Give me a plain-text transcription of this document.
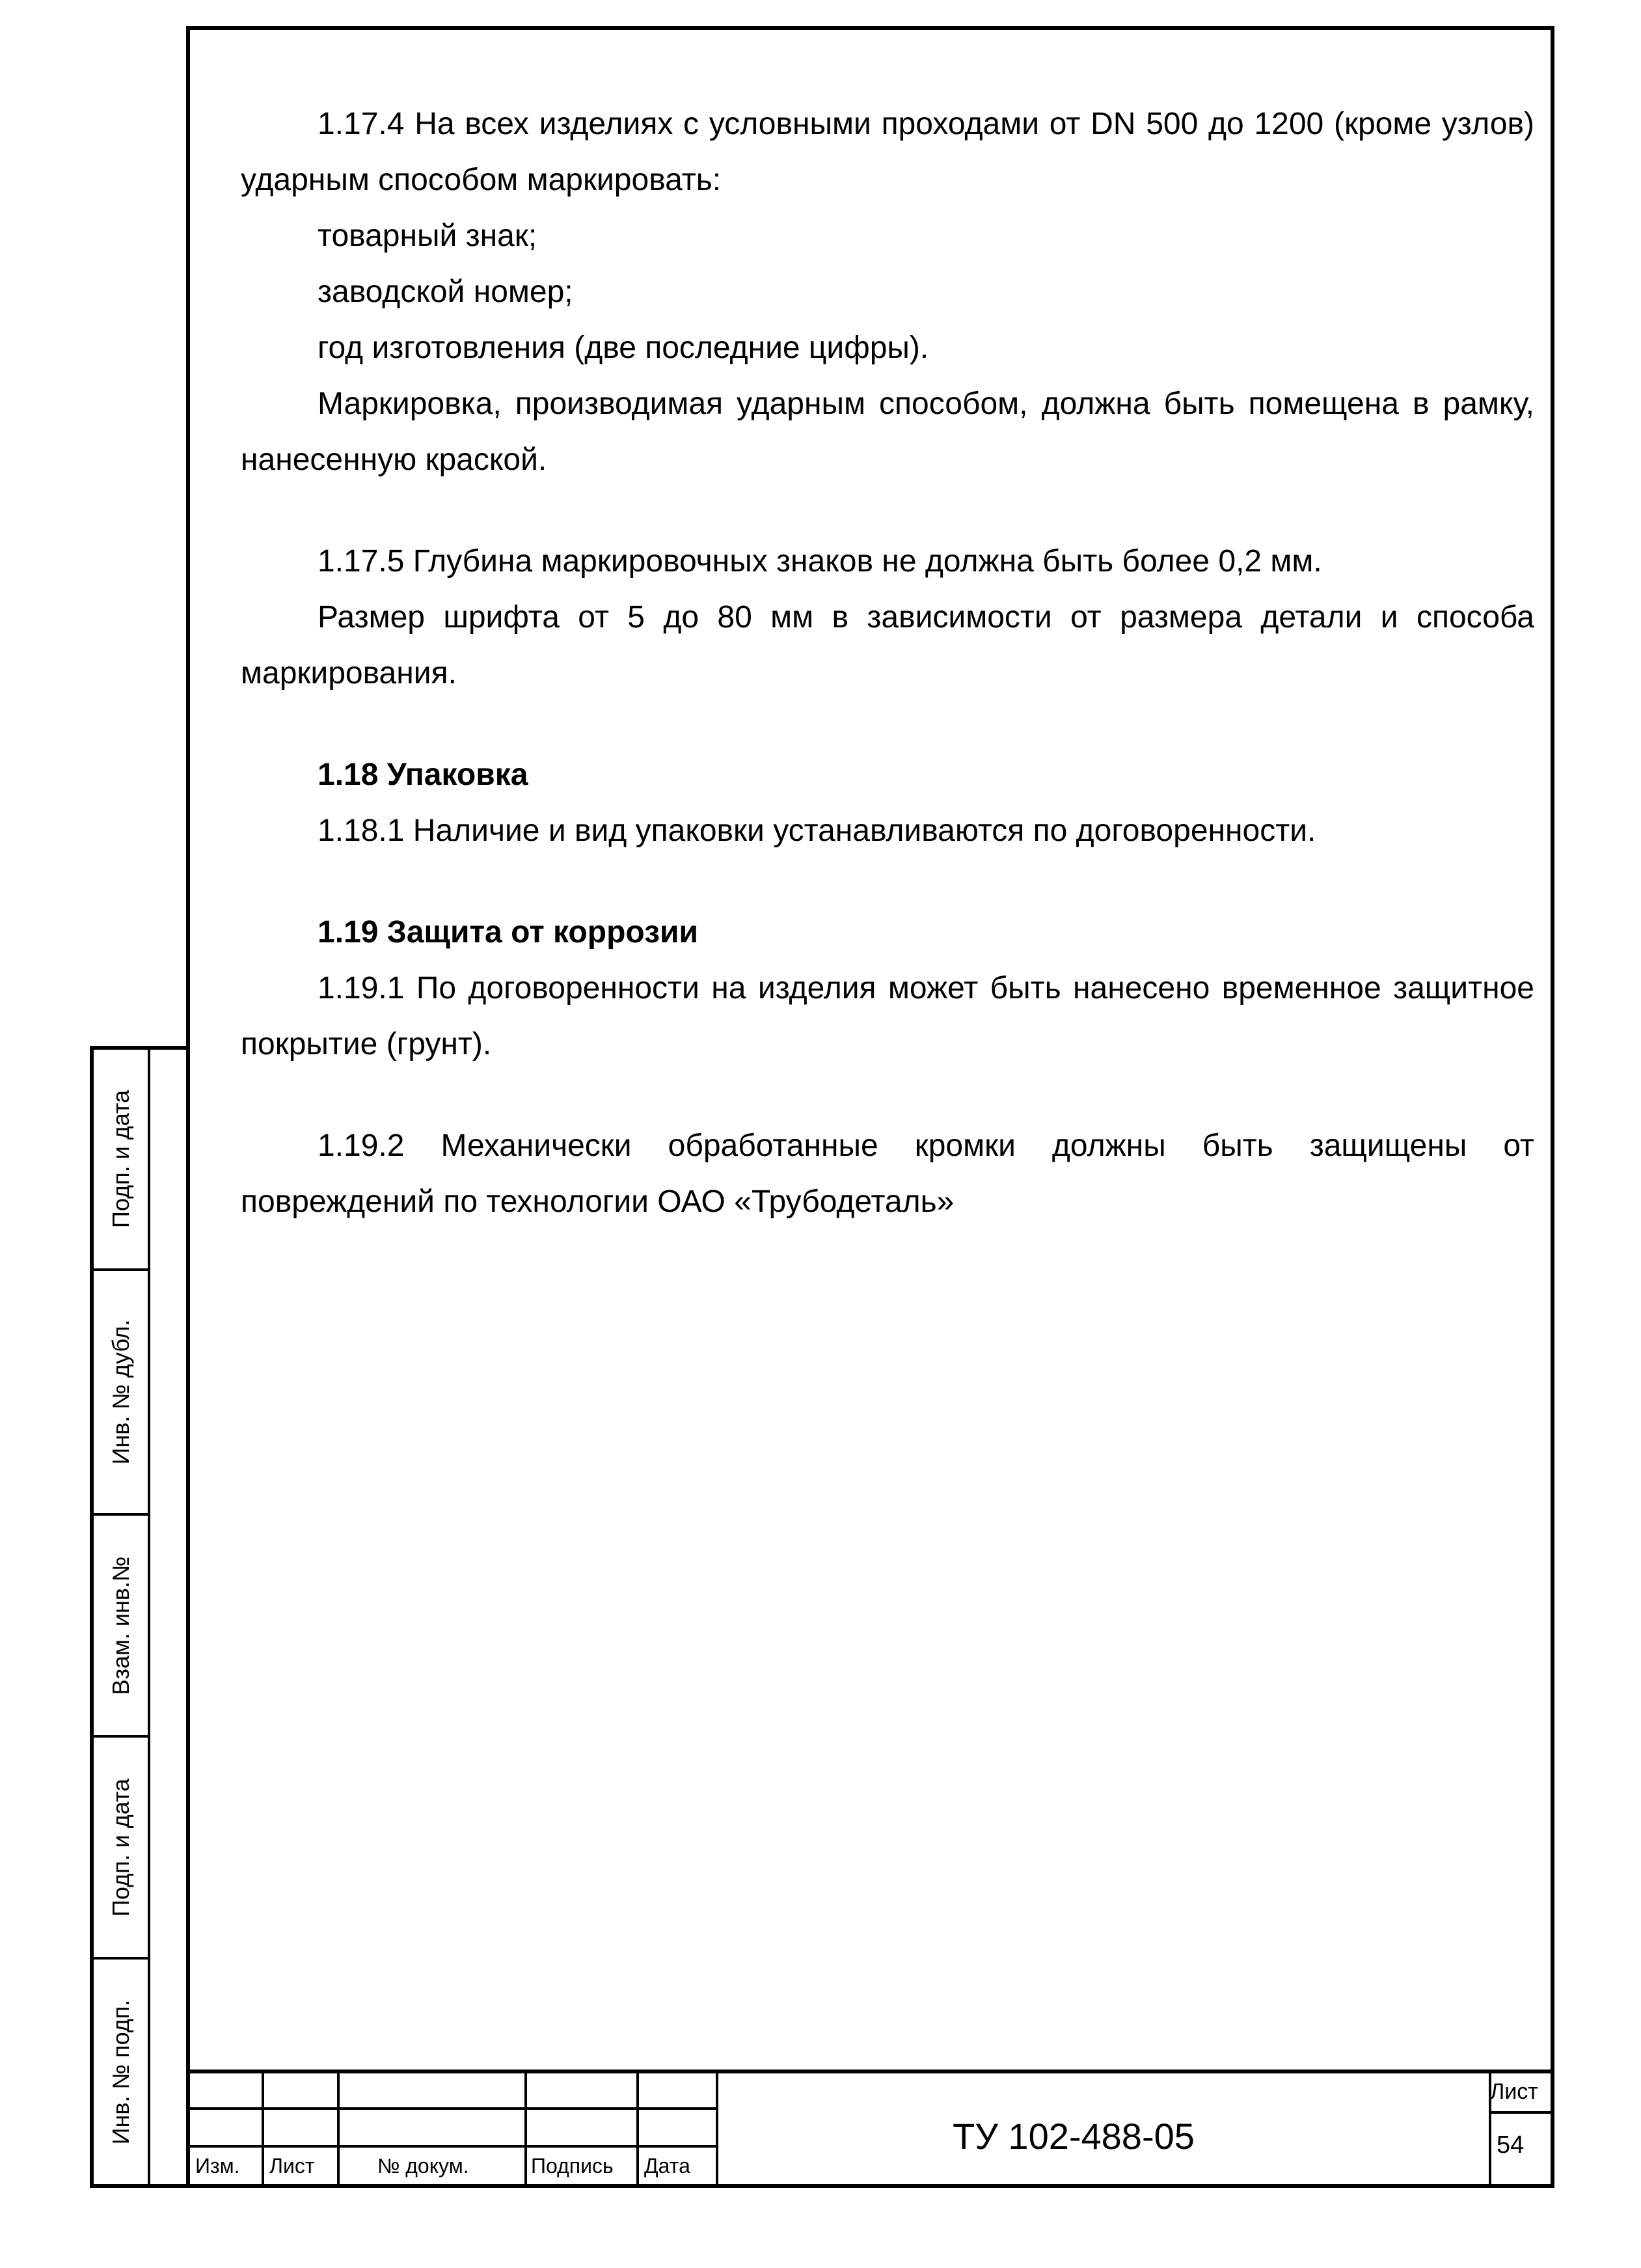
1.17.4 На всех изделиях с условными проходами от DN 500 до 1200 (кроме узлов) ударным способом маркировать:

товарный знак;

заводской номер;

год изготовления (две последние цифры).

Маркировка, производимая ударным способом, должна быть помещена в рамку, нанесенную краской.

1.17.5 Глубина маркировочных знаков не должна быть более 0,2 мм.

Размер шрифта от 5 до 80 мм в зависимости от размера детали и способа маркирования.

1.18 Упаковка

1.18.1 Наличие и вид упаковки устанавливаются по договоренности.

1.19 Защита от коррозии

1.19.1 По договоренности на изделия может быть нанесено временное защитное покрытие (грунт).

1.19.2 Механически обработанные кромки должны быть защищены от повреждений по технологии ОАО «Трубодеталь»

Подп. и дата
Инв. № дубл.
Взам. инв.№
Подп. и дата
Инв. № подп.
Изм. Лист	№ докум.	Подпись Дата
ТУ 102-488-05
Лист
54
